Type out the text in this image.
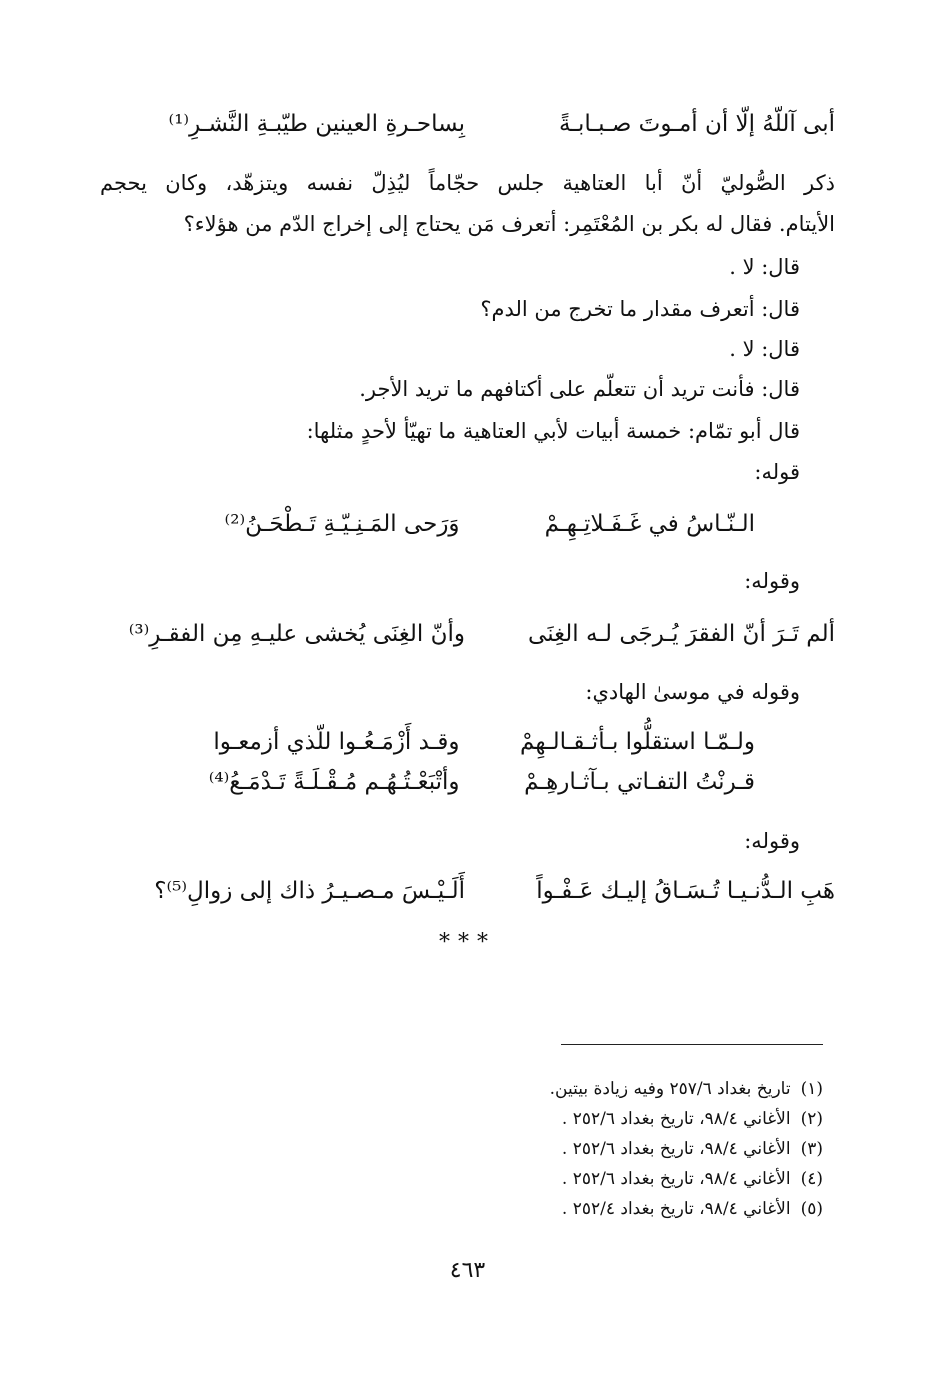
أبى آللّهُ إلّا أن أمـوتَ صـبـابـةً
بِساحـرةِ العينين طيّبـةِ النَّشـرِ⁽¹⁾
ذكر الصُّوليّ أنّ أبا العتاهية جلس حجّاماً ليُذِلّ نفسه ويتزهّد، وكان يحجم
الأيتام. فقال له بكر بن المُعْتَمِر: أتعرف مَن يحتاج إلى إخراج الدّم من هؤلاء؟
قال: لا .
قال: أتعرف مقدار ما تخرج من الدم؟
قال: لا .
قال: فأنت تريد أن تتعلّم على أكتافهم ما تريد الأجر.
قال أبو تمّام: خمسة أبيات لأبي العتاهية ما تهيّأ لأحدٍ مثلها:
قوله:
الـنّـاسُ في غَـفَـلاتِـهِـمْ
وَرَحى المَـنِـيّـةِ تَـطْحَـنُ⁽²⁾
وقوله:
ألم تَـرَ أنّ الفقرَ يُـرجَى لـه الغِنَى
وأنّ الغِنَى يُخشى عليـهِ مِن الفقـرِ⁽³⁾
وقوله في موسىٰ الهادي:
ولـمّـا استقلُّوا بـأثـقـالـهِمْ
وقـد أَزْمَـعُـوا للّذي أزمعـوا
قـرنْتُ التفـاتي بـآثـارهِـمْ
وأتْبَعْـتُـهُـم مُـقْـلَـةً تَـدْمَـعُ⁽⁴⁾
وقوله:
هَبِ الـدُّنـيـا تُـسَـاقُ إليـك عَـفْـواً
أَلَـيْـسَ مـصـيـرُ ذاك إلى زوالِ⁽⁵⁾؟
***
(١)تاريخ بغداد ٢٥٧/٦ وفيه زيادة بيتين.
(٢)الأغاني ٩٨/٤، تاريخ بغداد ٢٥٢/٦ .
(٣)الأغاني ٩٨/٤، تاريخ بغداد ٢٥٢/٦ .
(٤)الأغاني ٩٨/٤، تاريخ بغداد ٢٥٢/٦ .
(٥)الأغاني ٩٨/٤، تاريخ بغداد ٢٥٢/٤ .
٤٦٣
